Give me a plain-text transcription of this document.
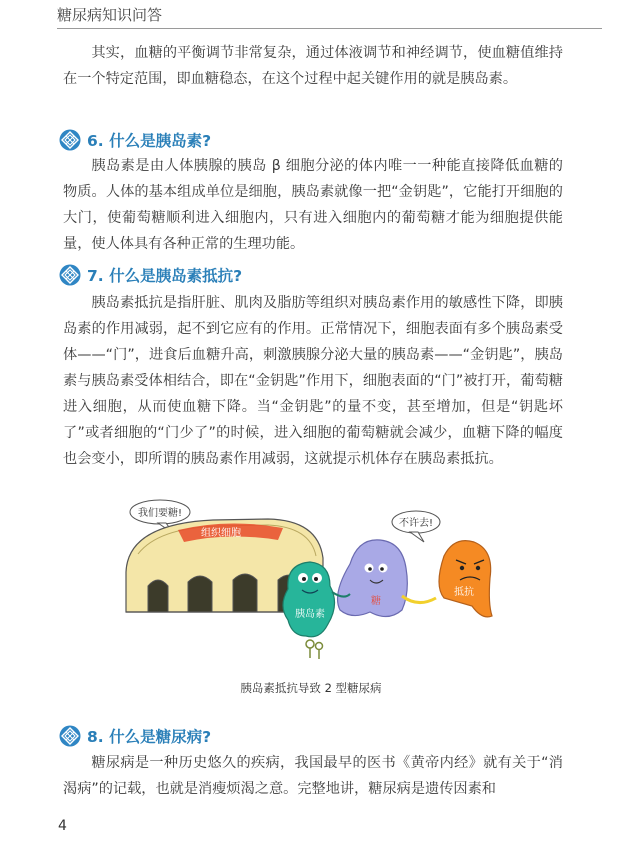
糖尿病知识问答
其实，血糖的平衡调节非常复杂，通过体液调节和神经调节，使血糖值维持在一个特定范围，即血糖稳态，在这个过程中起关键作用的就是胰岛素。
6. 什么是胰岛素?
胰岛素是由人体胰腺的胰岛 β 细胞分泌的体内唯一一种能直接降低血糖的物质。人体的基本组成单位是细胞，胰岛素就像一把“金钥匙”，它能打开细胞的大门，使葡萄糖顺利进入细胞内，只有进入细胞内的葡萄糖才能为细胞提供能量，使人体具有各种正常的生理功能。
7. 什么是胰岛素抵抗?
胰岛素抵抗是指肝脏、肌肉及脂肪等组织对胰岛素作用的敏感性下降，即胰岛素的作用减弱，起不到它应有的作用。正常情况下，细胞表面有多个胰岛素受体——“门”，进食后血糖升高，刺激胰腺分泌大量的胰岛素——“金钥匙”，胰岛素与胰岛素受体相结合，即在“金钥匙”作用下，细胞表面的“门”被打开，葡萄糖进入细胞，从而使血糖下降。当“金钥匙”的量不变，甚至增加，但是“钥匙坏了”或者细胞的“门少了”的时候，进入细胞的葡萄糖就会减少，血糖下降的幅度也会变小，即所谓的胰岛素作用减弱，这就提示机体存在胰岛素抵抗。
我们要糖!
组织细胞
胰岛素
糖
不许去!
抵抗
胰岛素抵抗导致 2 型糖尿病
8. 什么是糖尿病?
糖尿病是一种历史悠久的疾病，我国最早的医书《黄帝内经》就有关于“消渴病”的记载，也就是消瘦烦渴之意。完整地讲，糖尿病是遗传因素和
4
